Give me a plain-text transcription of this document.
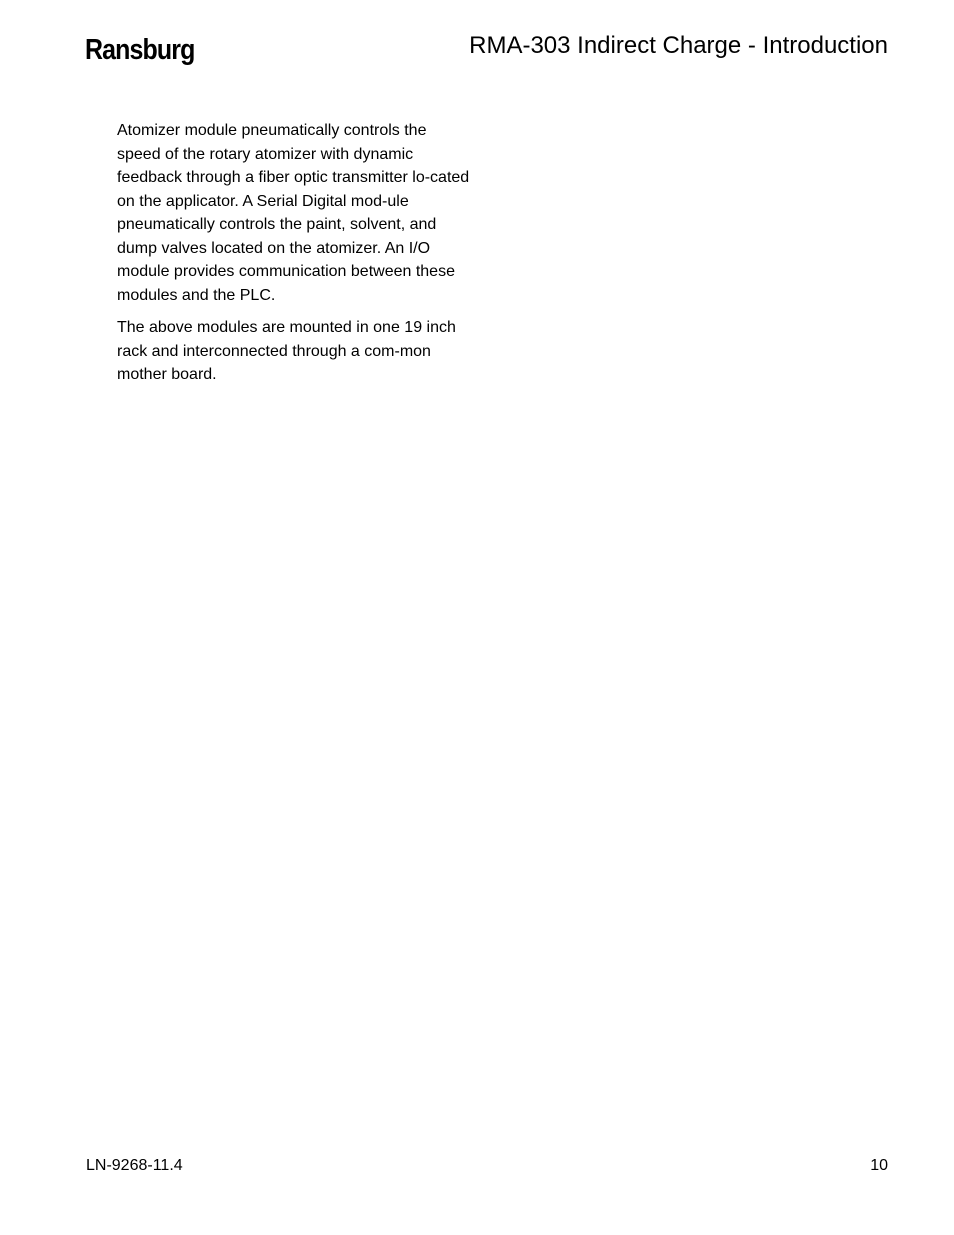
Ransburg	RMA-303 Indirect Charge - Introduction

Atomizer module pneumatically controls the speed of the rotary atomizer with dynamic feedback through a fiber optic transmitter lo-cated on the applicator. A Serial Digital mod-ule pneumatically controls the paint, solvent, and dump valves located on the atomizer. An I/O module provides communication between these modules and the PLC.

The above modules are mounted in one 19 inch rack and interconnected through a com-mon mother board.

LN-9268-11.4	10
